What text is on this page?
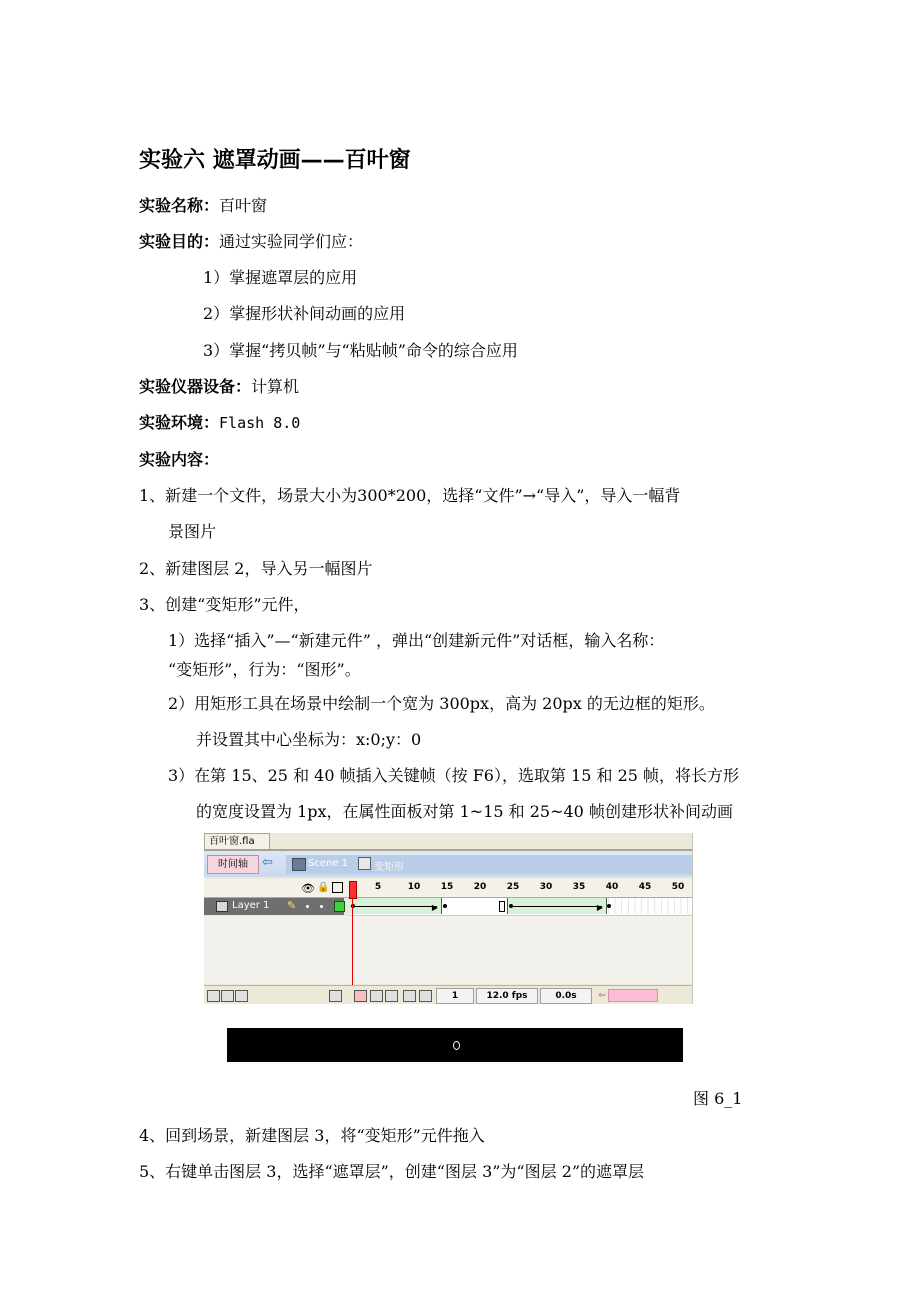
实验六 遮罩动画——百叶窗
实验名称：百叶窗
实验目的：通过实验同学们应：
1）掌握遮罩层的应用
2）掌握形状补间动画的应用
3）掌握“拷贝帧”与“粘贴帧”命令的综合应用
实验仪器设备：计算机
实验环境：Flash 8.0
实验内容：
1、新建一个文件，场景大小为300*200，选择“文件”→“导入”，导入一幅背
景图片
2、新建图层 2，导入另一幅图片
3、创建“变矩形”元件，
1）选择“插入”—“新建元件” ，弹出“创建新元件”对话框，输入名称：
“变矩形”，行为：“图形”。
2）用矩形工具在场景中绘制一个宽为 300px，高为 20px 的无边框的矩形。
并设置其中心坐标为：x:0;y：0
3）在第 15、25 和 40 帧插入关键帧（按 F6），选取第 15 和 25 帧，将长方形
的宽度设置为 1px，在属性面板对第 1~15 和 25~40 帧创建形状补间动画
百叶窗.fla
时间轴	⇦	Scene 1	变矩形
👁 🔒	5	10	15	20	25	30	35	40	45	50
Layer 1 ✎	▶	▶
1	12.0 fps	0.0s	⇐
图 6_1
4、回到场景，新建图层 3，将“变矩形”元件拖入
5、右键单击图层 3，选择“遮罩层”，创建“图层 3”为“图层 2”的遮罩层
